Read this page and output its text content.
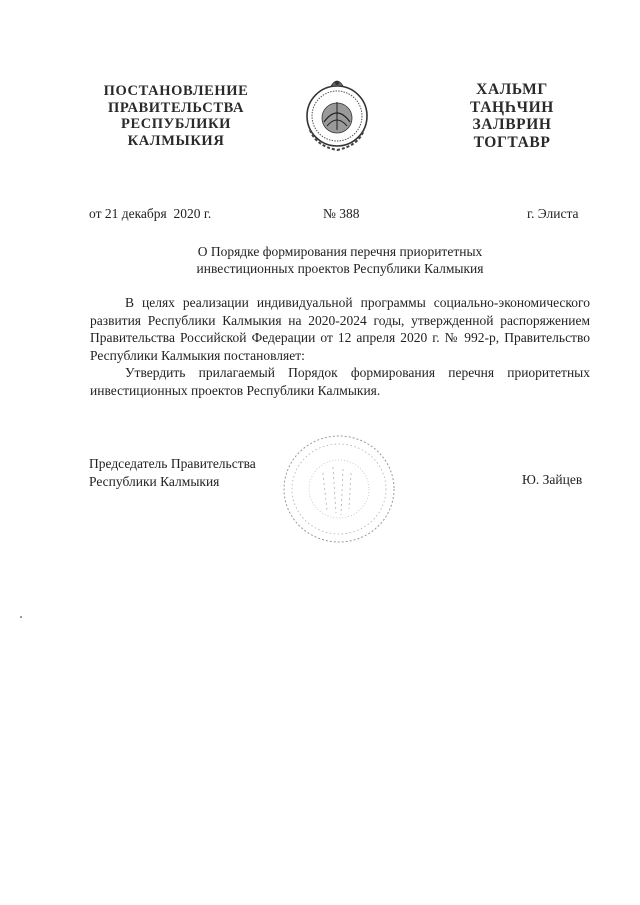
ПОСТАНОВЛЕНИЕ
ПРАВИТЕЛЬСТВА
РЕСПУБЛИКИ
КАЛМЫКИЯ
ХАЛЬМГ
ТАҢҺЧИН
ЗАЛВРИН
ТОГТАВР
от 21 декабря  2020 г.	№ 388	г. Элиста
О Порядке формирования перечня приоритетных
инвестиционных проектов Республики Калмыкия

В целях реализации индивидуальной программы социально-экономического развития Республики Калмыкия на 2020-2024 годы, утвержденной распоряжением Правительства Российской Федерации от 12 апреля 2020 г. № 992-р, Правительство Республики Калмыкия постановляет:

Утвердить прилагаемый Порядок формирования перечня приоритетных инвестиционных проектов Республики Калмыкия.

Председатель Правительства
Республики Калмыкия	Ю. Зайцев
